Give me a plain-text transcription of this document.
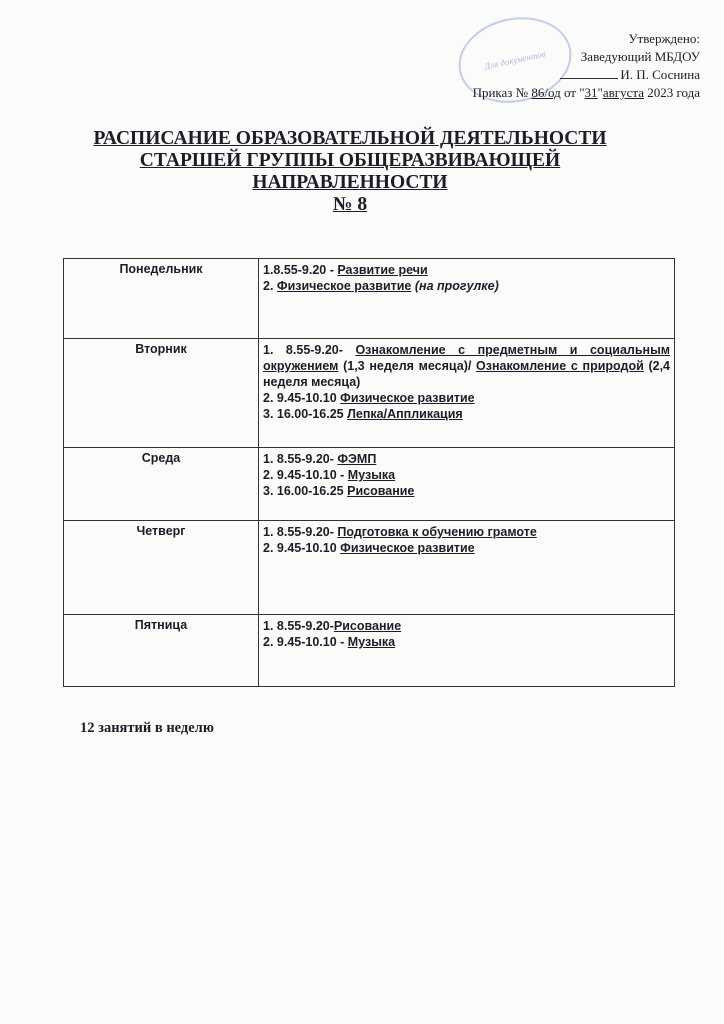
Для документов
Утверждено:
Заведующий МБДОУ
И. П. Соснина
Приказ № 86/од от "31"августа 2023 года
РАСПИСАНИЕ ОБРАЗОВАТЕЛЬНОЙ ДЕЯТЕЛЬНОСТИ
СТАРШЕЙ ГРУППЫ ОБЩЕРАЗВИВАЮЩЕЙ
НАПРАВЛЕННОСТИ
№ 8
Понедельник	1.8.55-9.20 - Развитие речи
2. Физическое развитие (на прогулке)

Вторник	1. 8.55-9.20- Ознакомление с предметным и социальным окружением (1,3 неделя месяца)/ Ознакомление с природой (2,4 неделя месяца)
2. 9.45-10.10 Физическое развитие
3. 16.00-16.25 Лепка/Аппликация

Среда	1. 8.55-9.20- ФЭМП
2. 9.45-10.10 - Музыка
3. 16.00-16.25 Рисование

Четверг	1. 8.55-9.20- Подготовка к обучению грамоте
2. 9.45-10.10 Физическое развитие

Пятница	1. 8.55-9.20-Рисование
2. 9.45-10.10 - Музыка
12 занятий в неделю
